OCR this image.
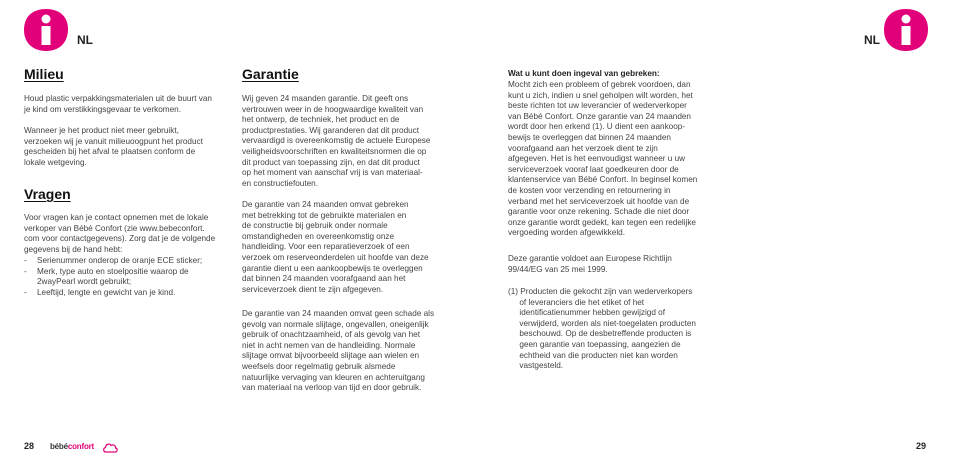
NL	NL
Milieu

Houd plastic verpakkingsmaterialen uit de buurt van
je kind om verstikkingsgevaar te verkomen.

Wanneer je het product niet meer gebruikt,
verzoeken wij je vanuit milieuoogpunt het product
gescheiden bij het afval te plaatsen conform de
lokale wetgeving.

Vragen

Voor vragen kan je contact opnemen met de lokale
verkoper van Bébé Confort (zie www.bebeconfort.
com voor contactgegevens). Zorg dat je de volgende
gegevens bij de hand hebt:

- Serienummer onderop de oranje ECE sticker;
- Merk, type auto en stoelpositie waarop de
2wayPearl wordt gebruikt;
- Leeftijd, lengte en gewicht van je kind.
Garantie

Wij geven 24 maanden garantie. Dit geeft ons
vertrouwen weer in de hoogwaardige kwaliteit van
het ontwerp, de techniek, het product en de
productprestaties. Wij garanderen dat dit product
vervaardigd is overeenkomstig de actuele Europese
veiligheidsvoorschriften en kwaliteitsnormen die op
dit product van toepassing zijn, en dat dit product
op het moment van aanschaf vrij is van materiaal-
en constructiefouten.

De garantie van 24 maanden omvat gebreken
met betrekking tot de gebruikte materialen en
de constructie bij gebruik onder normale
omstandigheden en overeenkomstig onze
handleiding. Voor een reparatieverzoek of een
verzoek om reserveonderdelen uit hoofde van deze
garantie dient u een aankoopbewijs te overleggen
dat binnen 24 maanden voorafgaand aan het
serviceverzoek dient te zijn afgegeven.

De garantie van 24 maanden omvat geen schade als
gevolg van normale slijtage, ongevallen, oneigenlijk
gebruik of onachtzaamheid, of als gevolg van het
niet in acht nemen van de handleiding. Normale
slijtage omvat bijvoorbeeld slijtage aan wielen en
weefsels door regelmatig gebruik alsmede
natuurlijke vervaging van kleuren en achteruitgang
van materiaal na verloop van tijd en door gebruik.

Wat u kunt doen ingeval van gebreken:

Mocht zich een probleem of gebrek voordoen, dan
kunt u zich, indien u snel geholpen wilt worden, het
beste richten tot uw leverancier of wederverkoper
van Bébé Confort. Onze garantie van 24 maanden
wordt door hen erkend (1). U dient een aankoop-
bewijs te overleggen dat binnen 24 maanden
voorafgaand aan het verzoek dient te zijn
afgegeven. Het is het eenvoudigst wanneer u uw
serviceverzoek vooraf laat goedkeuren door de
klantenservice van Bébé Confort. In beginsel komen
de kosten voor verzending en retournering in
verband met het serviceverzoek uit hoofde van de
garantie voor onze rekening. Schade die niet door
onze garantie wordt gedekt, kan tegen een redelijke
vergoeding worden afgewikkeld.

Deze garantie voldoet aan Europese Richtlijn
99/44/EG van 25 mei 1999.

(1) Producten die gekocht zijn van wederverkopers
of leveranciers die het etiket of het
identificatienummer hebben gewijzigd of
verwijderd, worden als niet-toegelaten producten
beschouwd. Op de desbetreffende producten is
geen garantie van toepassing, aangezien de
echtheid van die producten niet kan worden
vastgesteld.

28 bébéconfort	29
